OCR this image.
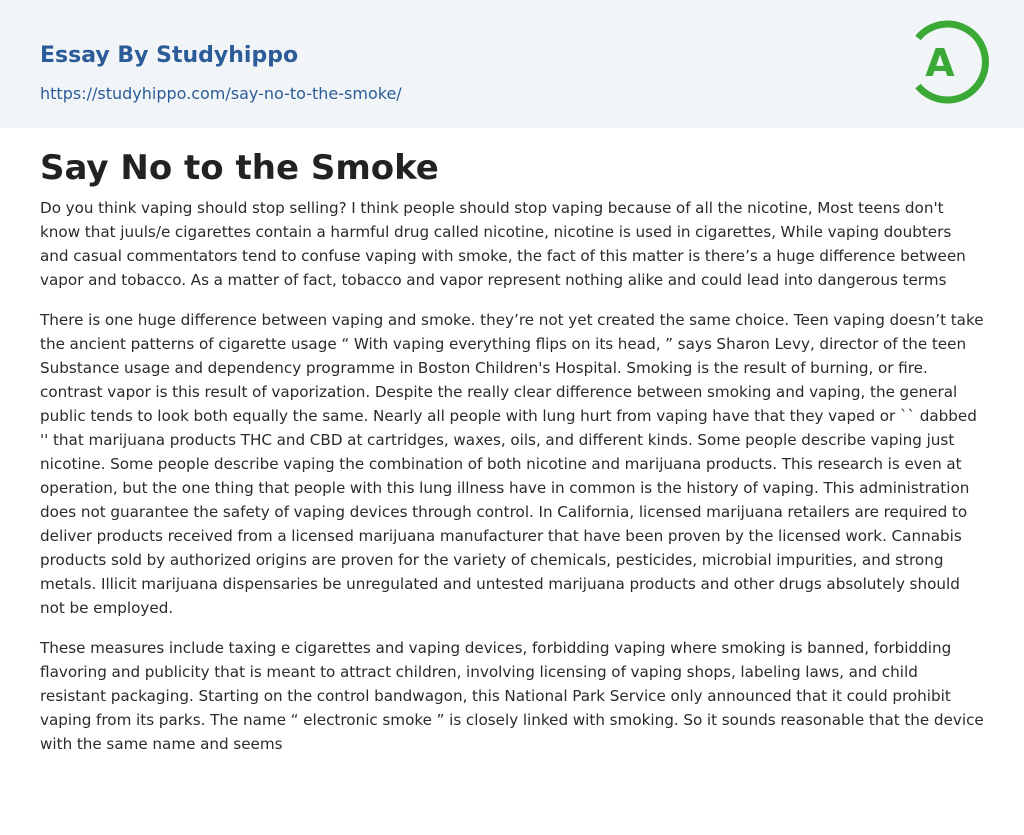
Essay By Studyhippo
https://studyhippo.com/say-no-to-the-smoke/
A
Say No to the Smoke

Do you think vaping should stop selling? I think people should stop vaping because of all the nicotine, Most teens don't know that juuls/e cigarettes contain a harmful drug called nicotine, nicotine is used in cigarettes, While vaping doubters and casual commentators tend to confuse vaping with smoke, the fact of this matter is there’s a huge difference between vapor and tobacco. As a matter of fact, tobacco and vapor represent nothing alike and could lead into dangerous terms

There is one huge difference between vaping and smoke. they’re not yet created the same choice. Teen vaping doesn’t take the ancient patterns of cigarette usage “ With vaping everything flips on its head, ” says Sharon Levy, director of the teen Substance usage and dependency programme in Boston Children's Hospital. Smoking is the result of burning, or fire. contrast vapor is this result of vaporization. Despite the really clear difference between smoking and vaping, the general public tends to look both equally the same. Nearly all people with lung hurt from vaping have that they vaped or `` dabbed '' that marijuana products THC and CBD at cartridges, waxes, oils, and different kinds. Some people describe vaping just nicotine. Some people describe vaping the combination of both nicotine and marijuana products. This research is even at operation, but the one thing that people with this lung illness have in common is the history of vaping. This administration does not guarantee the safety of vaping devices through control. In California, licensed marijuana retailers are required to deliver products received from a licensed marijuana manufacturer that have been proven by the licensed work. Cannabis products sold by authorized origins are proven for the variety of chemicals, pesticides, microbial impurities, and strong metals. Illicit marijuana dispensaries be unregulated and untested marijuana products and other drugs absolutely should not be employed.

These measures include taxing e cigarettes and vaping devices, forbidding vaping where smoking is banned, forbidding flavoring and publicity that is meant to attract children, involving licensing of vaping shops, labeling laws, and child resistant packaging. Starting on the control bandwagon, this National Park Service only announced that it could prohibit vaping from its parks. The name “ electronic smoke ” is closely linked with smoking. So it sounds reasonable that the device with the same name and seems
